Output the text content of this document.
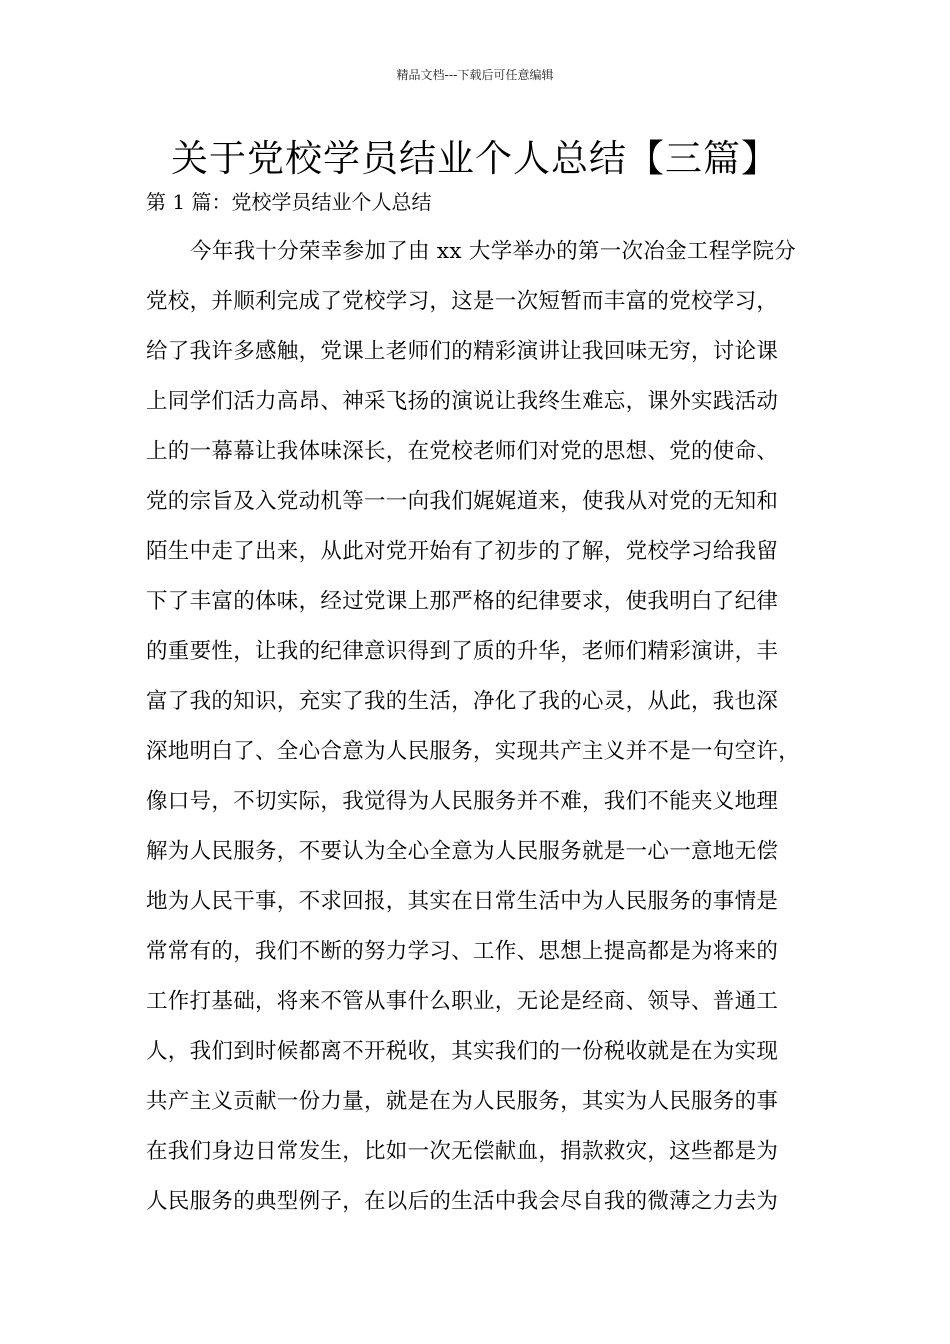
精品文档---下载后可任意编辑
关于党校学员结业个人总结【三篇】
第 1 篇：党校学员结业个人总结
今年我十分荣幸参加了由 xx 大学举办的第一次冶金工程学院分
党校，并顺利完成了党校学习，这是一次短暂而丰富的党校学习，
给了我许多感触，党课上老师们的精彩演讲让我回味无穷，讨论课
上同学们活力高昂、神采飞扬的演说让我终生难忘，课外实践活动
上的一幕幕让我体味深长，在党校老师们对党的思想、党的使命、
党的宗旨及入党动机等一一向我们娓娓道来，使我从对党的无知和
陌生中走了出来，从此对党开始有了初步的了解，党校学习给我留
下了丰富的体味，经过党课上那严格的纪律要求，使我明白了纪律
的重要性，让我的纪律意识得到了质的升华，老师们精彩演讲，丰
富了我的知识，充实了我的生活，净化了我的心灵，从此，我也深
深地明白了、全心合意为人民服务，实现共产主义并不是一句空许，
像口号，不切实际，我觉得为人民服务并不难，我们不能夹义地理
解为人民服务，不要认为全心全意为人民服务就是一心一意地无偿
地为人民干事，不求回报，其实在日常生活中为人民服务的事情是
常常有的，我们不断的努力学习、工作、思想上提高都是为将来的
工作打基础，将来不管从事什么职业，无论是经商、领导、普通工
人，我们到时候都离不开税收，其实我们的一份税收就是在为实现
共产主义贡献一份力量，就是在为人民服务，其实为人民服务的事
在我们身边日常发生，比如一次无偿献血，捐款救灾，这些都是为
人民服务的典型例子，在以后的生活中我会尽自我的微薄之力去为
